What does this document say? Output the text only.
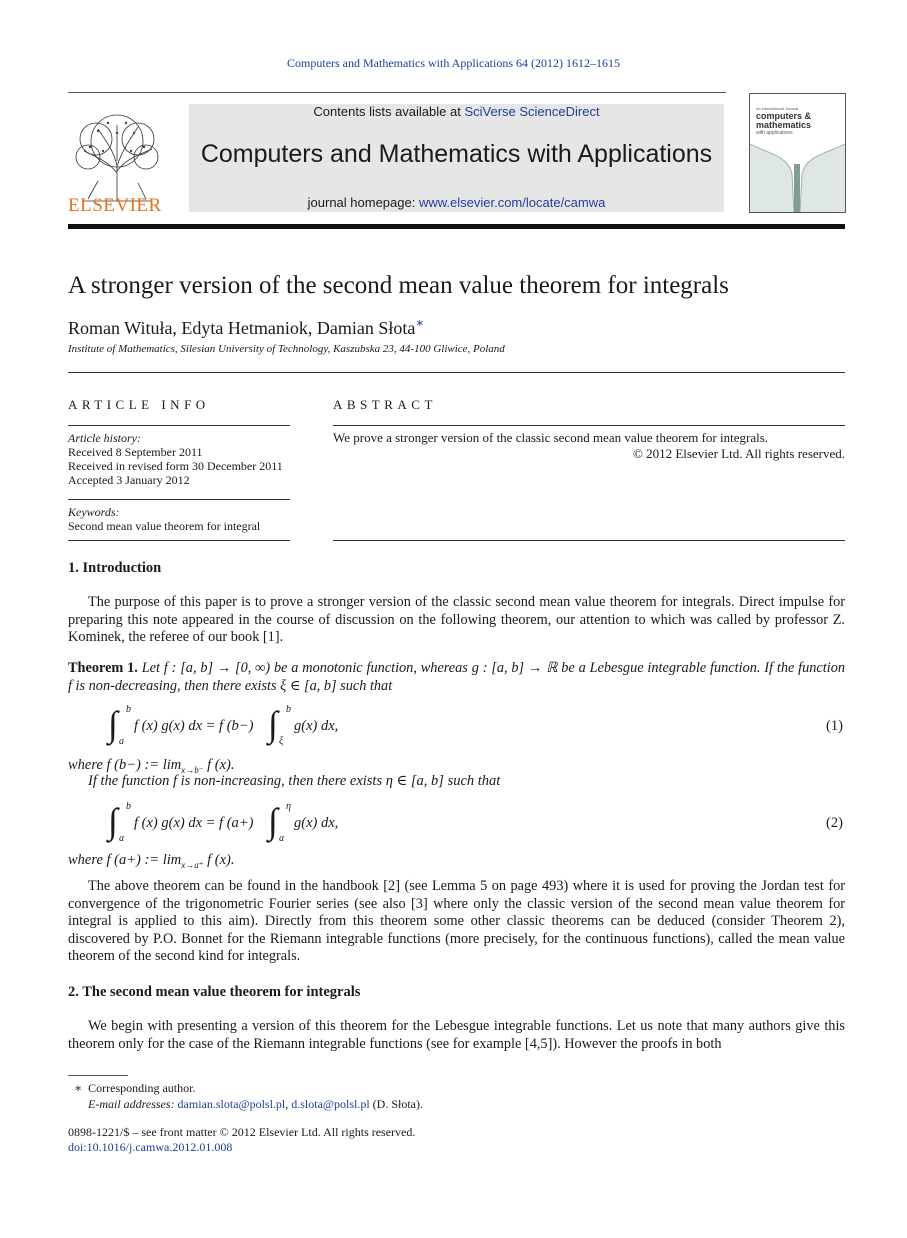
Computers and Mathematics with Applications 64 (2012) 1612–1615
ELSEVIER
Contents lists available at SciVerse ScienceDirect
Computers and Mathematics with Applications
journal homepage: www.elsevier.com/locate/camwa
An International Journal
computers &
mathematics
with applications
A stronger version of the second mean value theorem for integrals
Roman Wituła, Edyta Hetmaniok, Damian Słota∗
Institute of Mathematics, Silesian University of Technology, Kaszubska 23, 44-100 Gliwice, Poland
ARTICLE INFO
Article history:
Received 8 September 2011
Received in revised form 30 December 2011
Accepted 3 January 2012
Keywords:
Second mean value theorem for integral
ABSTRACT
We prove a stronger version of the classic second mean value theorem for integrals.
© 2012 Elsevier Ltd. All rights reserved.
1. Introduction

The purpose of this paper is to prove a stronger version of the classic second mean value theorem for integrals. Direct impulse for preparing this note appeared in the course of discussion on the following theorem, our attention to which was called by professor Z. Kominek, the referee of our book [1].

Theorem 1. Let f : [a, b] → [0, ∞) be a monotonic function, whereas g : [a, b] → ℝ be a Lebesgue integrable function. If the function f is non-decreasing, then there exists ξ ∈ [a, b] such that
∫ b
a
f (x) g(x) dx = f (b−) ∫ b
ξ
g(x) dx,	(1)
where f (b−) := $\lim_{x\to b^-} f$ (x).
If the function f is non-increasing, then there exists η ∈ [a, b] such that
∫ b
a
f (x) g(x) dx = f (a+) ∫ η
a
g(x) dx,	(2)
where f (a+) := $\lim_{x\to a^+} f$ (x).

The above theorem can be found in the handbook [2] (see Lemma 5 on page 493) where it is used for proving the Jordan test for convergence of the trigonometric Fourier series (see also [3] where only the classic version of the second mean value theorem for integral is applied to this aim). Directly from this theorem some other classic theorems can be deduced (consider Theorem 2), discovered by P.O. Bonnet for the Riemann integrable functions (more precisely, for the continuous functions), called the mean value theorem of the second kind for integrals.

2. The second mean value theorem for integrals

We begin with presenting a version of this theorem for the Lebesgue integrable functions. Let us note that many authors give this theorem only for the case of the Riemann integrable functions (see for example [4,5]). However the proofs in both

∗ Corresponding author.
E-mail addresses: damian.slota@polsl.pl, d.slota@polsl.pl (D. Słota).
0898-1221/$ – see front matter © 2012 Elsevier Ltd. All rights reserved.
doi:10.1016/j.camwa.2012.01.008
